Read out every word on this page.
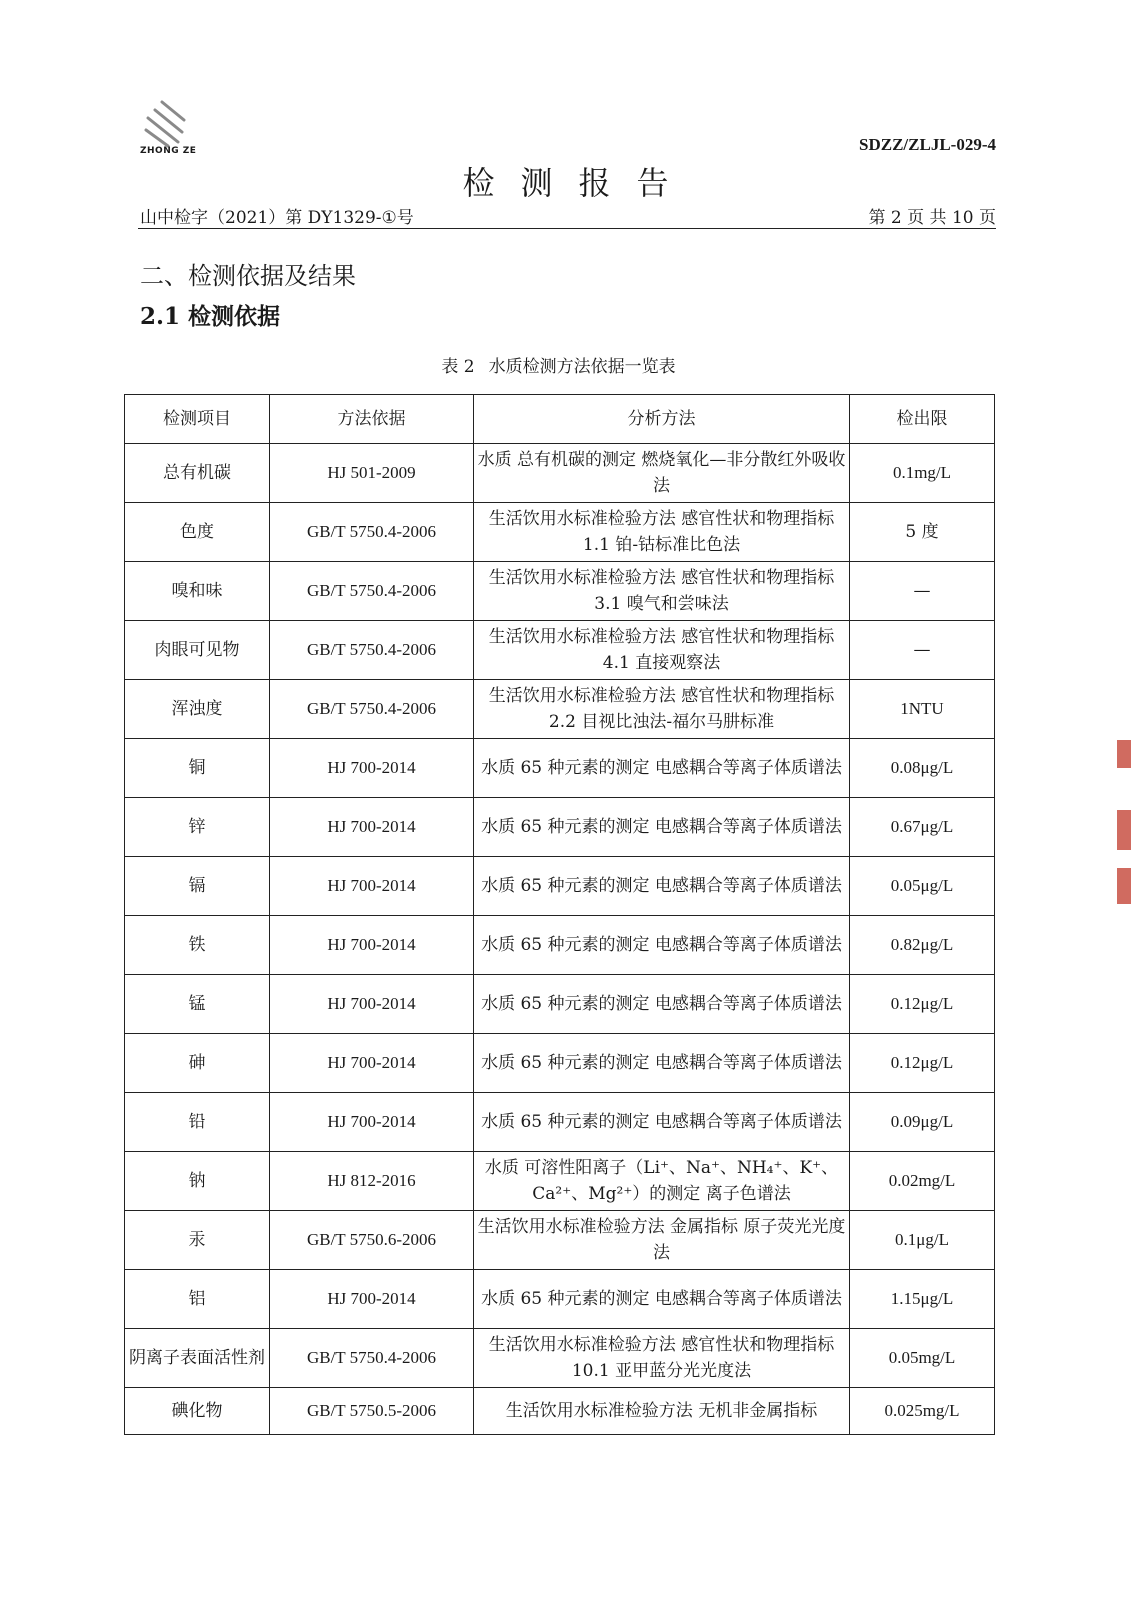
ZHONG ZE	SDZZ/ZLJL-029-4
检测报告
山中检字（2021）第 DY1329-①号	第 2 页 共 10 页
二、检测依据及结果
2.1 检测依据
表 2 水质检测方法依据一览表
检测项目	方法依据	分析方法	检出限
总有机碳	HJ 501-2009	水质 总有机碳的测定 燃烧氧化—非分散红外吸收法	0.1mg/L
色度	GB/T 5750.4-2006	生活饮用水标准检验方法 感官性状和物理指标 1.1 铂-钴标准比色法	5 度
嗅和味	GB/T 5750.4-2006	生活饮用水标准检验方法 感官性状和物理指标 3.1 嗅气和尝味法	—
肉眼可见物	GB/T 5750.4-2006	生活饮用水标准检验方法 感官性状和物理指标 4.1 直接观察法	—
浑浊度	GB/T 5750.4-2006	生活饮用水标准检验方法 感官性状和物理指标 2.2 目视比浊法-福尔马肼标准	1NTU
铜	HJ 700-2014	水质 65 种元素的测定 电感耦合等离子体质谱法	0.08μg/L
锌	HJ 700-2014	水质 65 种元素的测定 电感耦合等离子体质谱法	0.67μg/L
镉	HJ 700-2014	水质 65 种元素的测定 电感耦合等离子体质谱法	0.05μg/L
铁	HJ 700-2014	水质 65 种元素的测定 电感耦合等离子体质谱法	0.82μg/L
锰	HJ 700-2014	水质 65 种元素的测定 电感耦合等离子体质谱法	0.12μg/L
砷	HJ 700-2014	水质 65 种元素的测定 电感耦合等离子体质谱法	0.12μg/L
铅	HJ 700-2014	水质 65 种元素的测定 电感耦合等离子体质谱法	0.09μg/L
钠	HJ 812-2016	水质 可溶性阳离子（Li⁺、Na⁺、NH₄⁺、K⁺、Ca²⁺、Mg²⁺）的测定 离子色谱法	0.02mg/L
汞	GB/T 5750.6-2006	生活饮用水标准检验方法 金属指标 原子荧光光度法	0.1μg/L
铝	HJ 700-2014	水质 65 种元素的测定 电感耦合等离子体质谱法	1.15μg/L
阴离子表面活性剂	GB/T 5750.4-2006	生活饮用水标准检验方法 感官性状和物理指标 10.1 亚甲蓝分光光度法	0.05mg/L
碘化物	GB/T 5750.5-2006	生活饮用水标准检验方法 无机非金属指标	0.025mg/L
